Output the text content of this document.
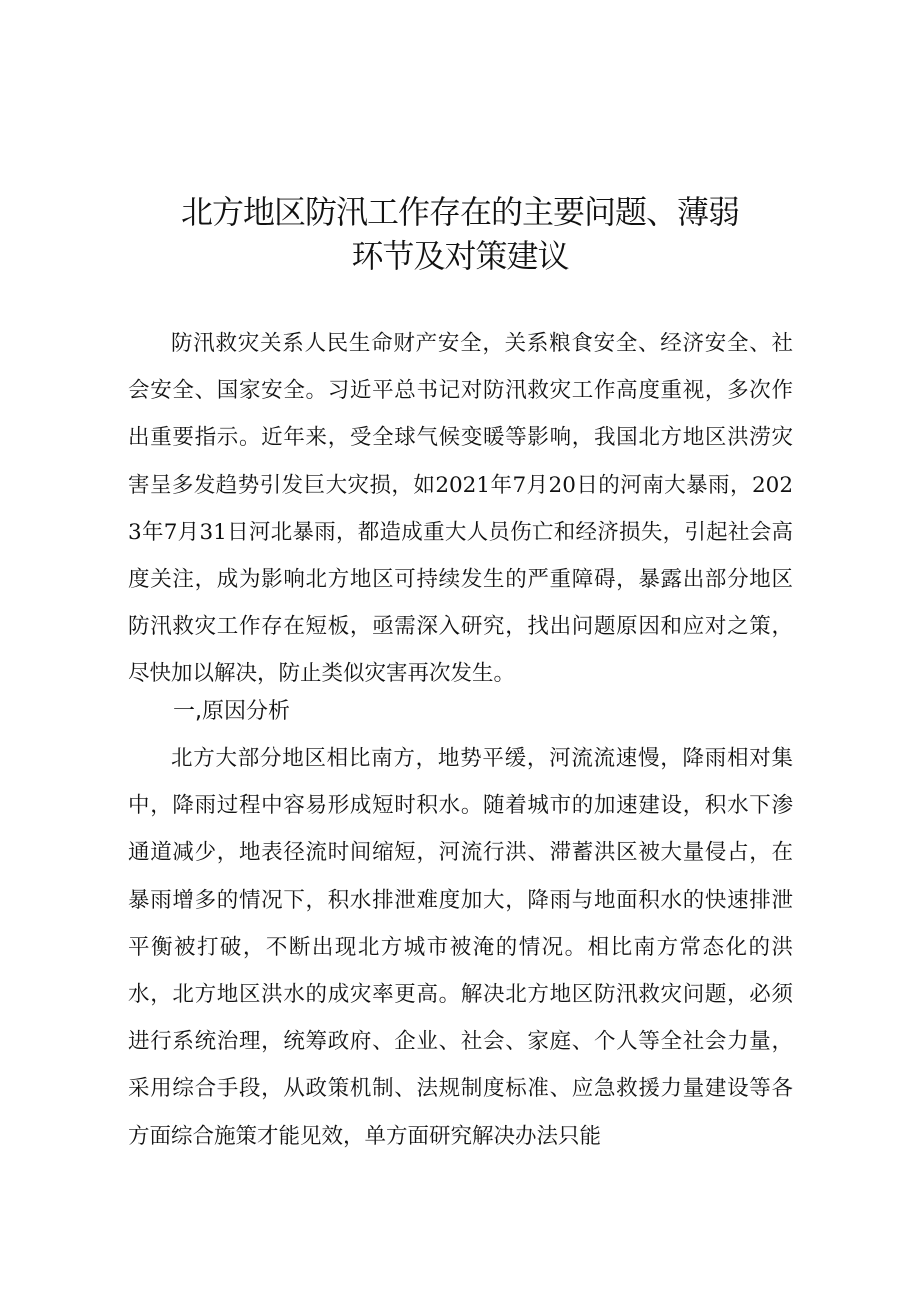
北方地区防汛工作存在的主要问题、薄弱
环节及对策建议

防汛救灾关系人民生命财产安全，关系粮食安全、经济安全、社会安全、国家安全。习近平总书记对防汛救灾工作高度重视，多次作出重要指示。近年来，受全球气候变暖等影响，我国北方地区洪涝灾害呈多发趋势引发巨大灾损，如2021年7月20日的河南大暴雨，2023年7月31日河北暴雨，都造成重大人员伤亡和经济损失，引起社会高度关注，成为影响北方地区可持续发生的严重障碍，暴露出部分地区防汛救灾工作存在短板，亟需深入研究，找出问题原因和应对之策，尽快加以解决，防止类似灾害再次发生。

一,原因分析

北方大部分地区相比南方，地势平缓，河流流速慢，降雨相对集中，降雨过程中容易形成短时积水。随着城市的加速建设，积水下渗通道减少，地表径流时间缩短，河流行洪、滞蓄洪区被大量侵占，在暴雨增多的情况下，积水排泄难度加大，降雨与地面积水的快速排泄平衡被打破，不断出现北方城市被淹的情况。相比南方常态化的洪水，北方地区洪水的成灾率更高。解决北方地区防汛救灾问题，必须进行系统治理，统筹政府、企业、社会、家庭、个人等全社会力量，采用综合手段，从政策机制、法规制度标准、应急救援力量建设等各方面综合施策才能见效，单方面研究解决办法只能
